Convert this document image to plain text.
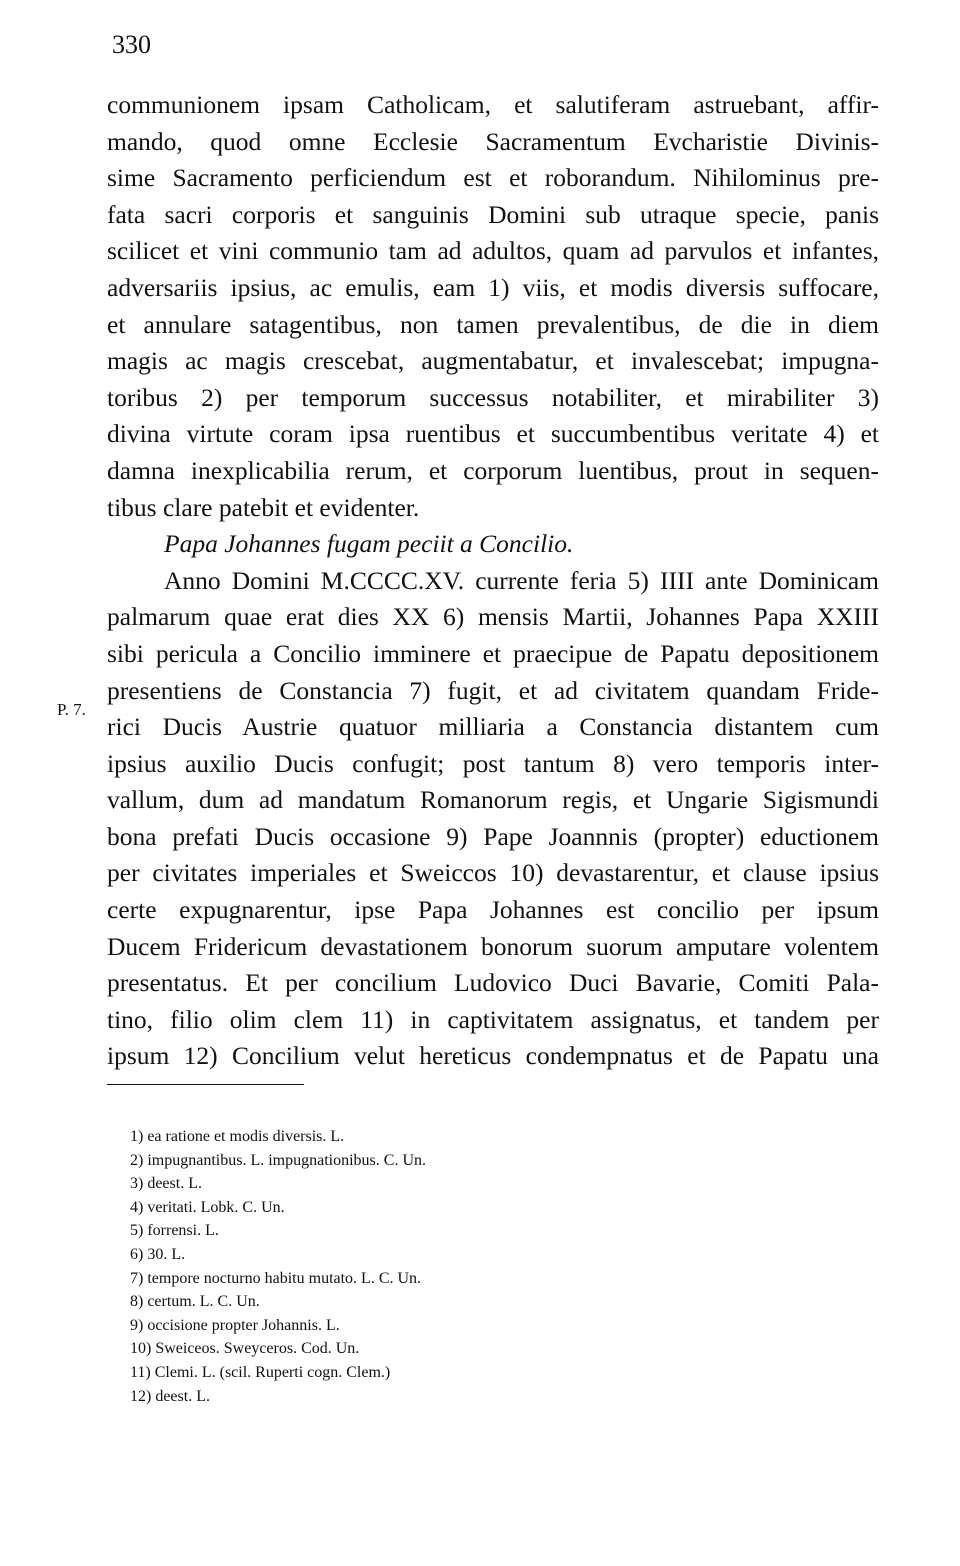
330
communionem ipsam Catholicam, et salutiferam astruebant, affir-
mando, quod omne Ecclesie Sacramentum Evcharistie Divinis-
sime Sacramento perficiendum est et roborandum. Nihilominus pre-
fata sacri corporis et sanguinis Domini sub utraque specie, panis
scilicet et vini communio tam ad adultos, quam ad parvulos et infantes,
adversariis ipsius, ac emulis, eam 1) viis, et modis diversis suffocare,
et annulare satagentibus, non tamen prevalentibus, de die in diem
magis ac magis crescebat, augmentabatur, et invalescebat; impugna-
toribus 2) per temporum successus notabiliter, et mirabiliter 3)
divina virtute coram ipsa ruentibus et succumbentibus veritate 4) et
damna inexplicabilia rerum, et corporum luentibus, prout in sequen-
tibus clare patebit et evidenter.
Papa Johannes fugam peciit a Concilio.
Anno Domini M.CCCC.XV. currente feria 5) IIII ante Dominicam
palmarum quae erat dies XX 6) mensis Martii, Johannes Papa XXIII
sibi pericula a Concilio imminere et praecipue de Papatu depositionem
presentiens de Constancia 7) fugit, et ad civitatem quandam Fride-
rici Ducis Austrie quatuor milliaria a Constancia distantem cum
ipsius auxilio Ducis confugit; post tantum 8) vero temporis inter-
vallum, dum ad mandatum Romanorum regis, et Ungarie Sigismundi
bona prefati Ducis occasione 9) Pape Joannnis (propter) eductionem
per civitates imperiales et Sweiccos 10) devastarentur, et clause ipsius
certe expugnarentur, ipse Papa Johannes est concilio per ipsum
Ducem Fridericum devastationem bonorum suorum amputare volentem
presentatus. Et per concilium Ludovico Duci Bavarie, Comiti Pala-
tino, filio olim clem 11) in captivitatem assignatus, et tandem per
ipsum 12) Concilium velut hereticus condempnatus et de Papatu una
P. 7.
1) ea ratione et modis diversis. L.
2) impugnantibus. L. impugnationibus. C. Un.
3) deest. L.
4) veritati. Lobk. C. Un.
5) forrensi. L.
6) 30. L.
7) tempore nocturno habitu mutato. L. C. Un.
8) certum. L. C. Un.
9) occisione propter Johannis. L.
10) Sweiceos. Sweyceros. Cod. Un.
11) Clemi. L. (scil. Ruperti cogn. Clem.)
12) deest. L.
